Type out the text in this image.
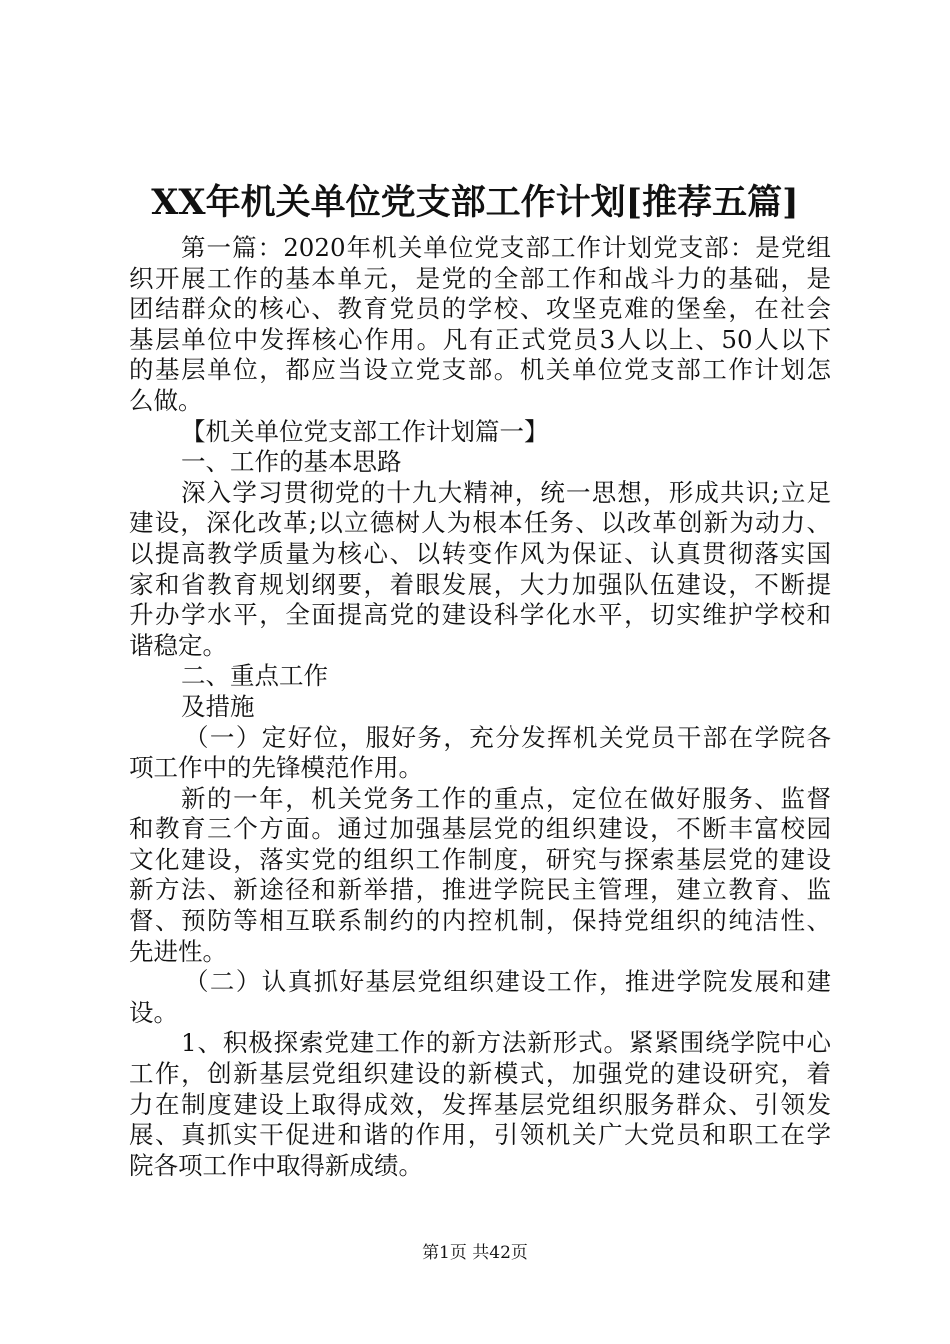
XX年机关单位党支部工作计划[推荐五篇]
第一篇：2020年机关单位党支部工作计划党支部：是党组
织开展工作的基本单元，是党的全部工作和战斗力的基础，是
团结群众的核心、教育党员的学校、攻坚克难的堡垒，在社会
基层单位中发挥核心作用。凡有正式党员3人以上、50人以下
的基层单位，都应当设立党支部。机关单位党支部工作计划怎
么做。
【机关单位党支部工作计划篇一】
一、工作的基本思路
深入学习贯彻党的十九大精神，统一思想，形成共识;立足
建设，深化改革;以立德树人为根本任务、以改革创新为动力、
以提高教学质量为核心、以转变作风为保证、认真贯彻落实国
家和省教育规划纲要，着眼发展，大力加强队伍建设，不断提
升办学水平，全面提高党的建设科学化水平，切实维护学校和
谐稳定。
二、重点工作
及措施
（一）定好位，服好务，充分发挥机关党员干部在学院各
项工作中的先锋模范作用。
新的一年，机关党务工作的重点，定位在做好服务、监督
和教育三个方面。通过加强基层党的组织建设，不断丰富校园
文化建设，落实党的组织工作制度，研究与探索基层党的建设
新方法、新途径和新举措，推进学院民主管理，建立教育、监
督、预防等相互联系制约的内控机制，保持党组织的纯洁性、
先进性。
（二）认真抓好基层党组织建设工作，推进学院发展和建
设。
1、积极探索党建工作的新方法新形式。紧紧围绕学院中心
工作，创新基层党组织建设的新模式，加强党的建设研究，着
力在制度建设上取得成效，发挥基层党组织服务群众、引领发
展、真抓实干促进和谐的作用，引领机关广大党员和职工在学
院各项工作中取得新成绩。
第1页 共42页
